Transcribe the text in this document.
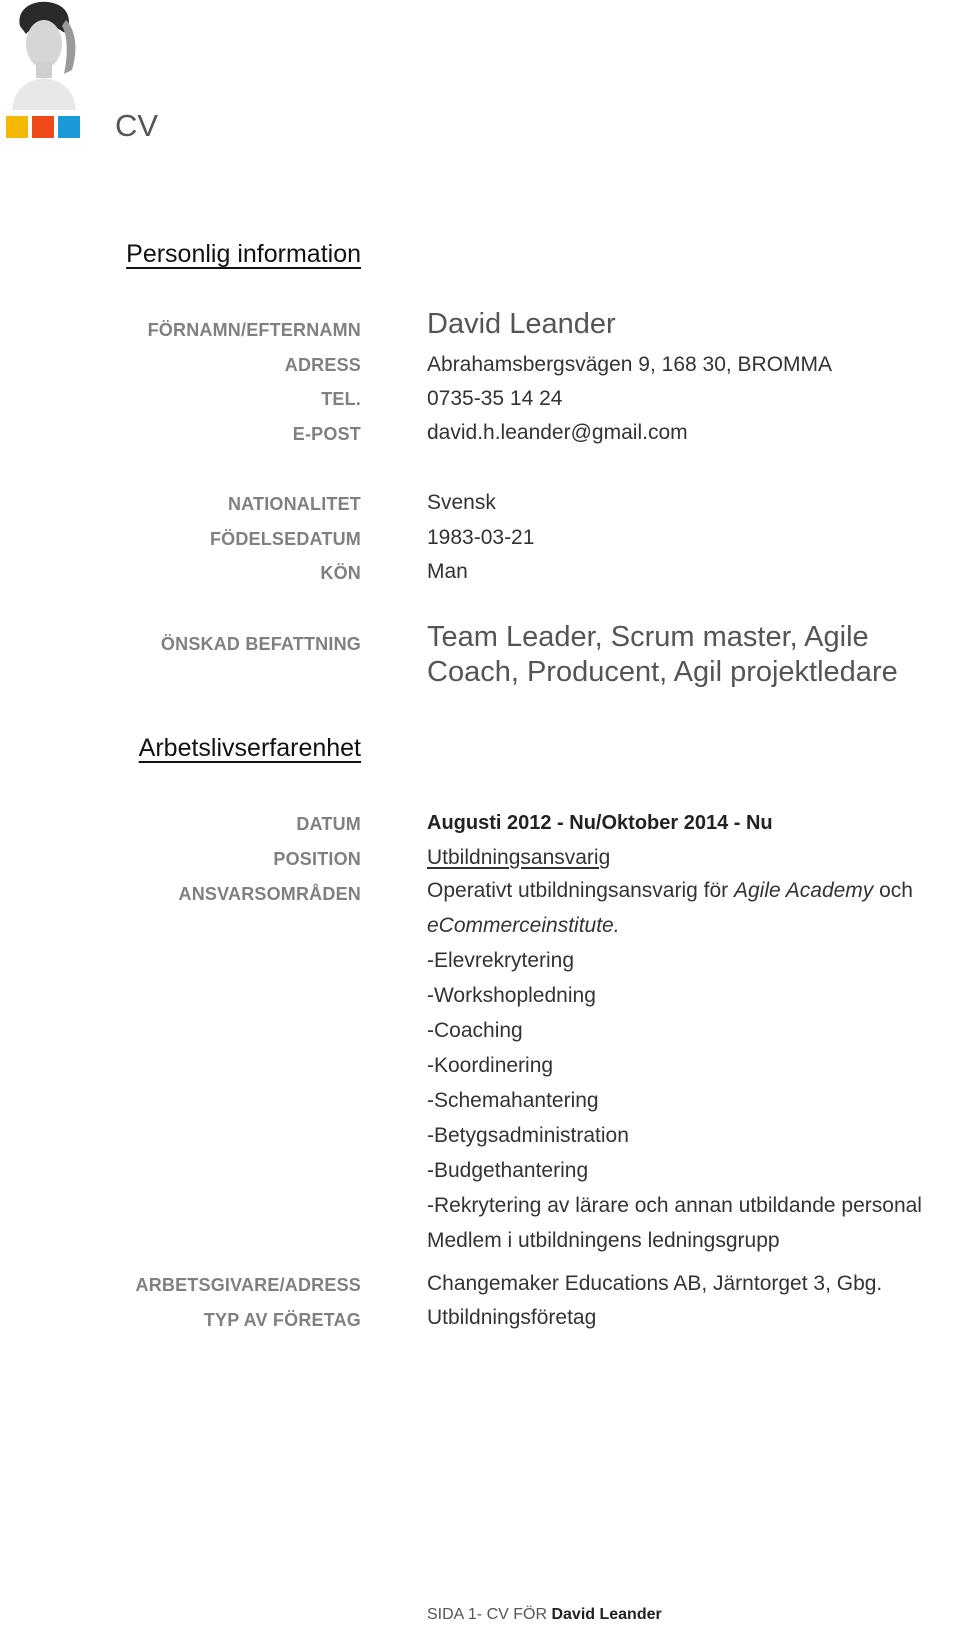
CV
Personlig information
FÖRNAMN/EFTERNAMN David Leander
ADRESS	Abrahamsbergsvägen 9, 168 30, BROMMA
TEL.	0735-35 14 24
E-POST	david.h.leander@gmail.com
NATIONALITET	Svensk
FÖDELSEDATUM	1983-03-21
KÖN	Man
ÖNSKAD BEFATTNING Team Leader, Scrum master, Agile
Coach, Producent, Agil projektledare
Arbetslivserfarenhet
DATUM	Augusti 2012 - Nu/Oktober 2014 - Nu
POSITION	Utbildningsansvarig
ANSVARSOMRÅDEN	Operativt utbildningsansvarig för Agile Academy och
eCommerceinstitute.
-Elevrekrytering
-Workshopledning
-Coaching
-Koordinering
-Schemahantering
-Betygsadministration
-Budgethantering
-Rekrytering av lärare och annan utbildande personal
Medlem i utbildningens ledningsgrupp
ARBETSGIVARE/ADRESS	Changemaker Educations AB, Järntorget 3, Gbg.
TYP AV FÖRETAG	Utbildningsföretag
SIDA 1- CV FÖR David Leander
